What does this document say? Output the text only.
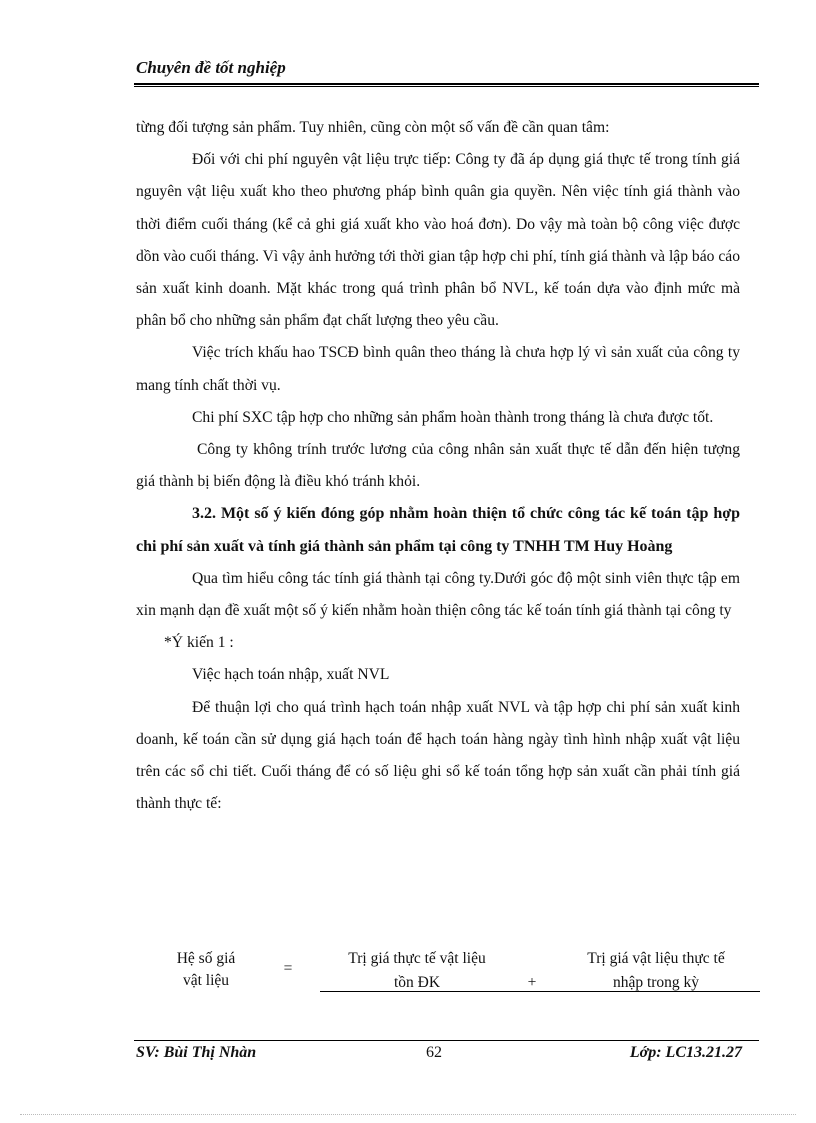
Chuyên đề tốt nghiệp

từng đối tượng sản phẩm. Tuy nhiên, cũng còn một số vấn đề cần quan tâm:

Đối với chi phí nguyên vật liệu trực tiếp: Công ty đã áp dụng giá thực tế trong tính giá nguyên vật liệu xuất kho theo phương pháp bình quân gia quyền. Nên việc tính giá thành vào thời điểm cuối tháng (kể cả ghi giá xuất kho vào hoá đơn). Do vậy mà toàn bộ công việc được dồn vào cuối tháng. Vì vậy ảnh hưởng tới thời gian tập hợp chi phí, tính giá thành và lập báo cáo sản xuất kinh doanh. Mặt khác trong quá trình phân bổ NVL, kế toán dựa vào định mức mà phân bổ cho những sản phẩm đạt chất lượng theo yêu cầu.

Việc trích khấu hao TSCĐ bình quân theo tháng là chưa hợp lý vì sản xuất của công ty mang tính chất thời vụ.

Chi phí SXC tập hợp cho những sản phẩm hoàn thành trong tháng là chưa được tốt.

Công ty không trính trước lương của công nhân sản xuất thực tế dẫn đến hiện tượng giá thành bị biến động là điều khó tránh khỏi.

3.2. Một số ý kiến đóng góp nhằm hoàn thiện tổ chức công tác kế toán tập hợp chi phí sản xuất và tính giá thành sản phẩm tại công ty TNHH TM Huy Hoàng

Qua tìm hiểu công tác tính giá thành tại công ty.Dưới góc độ một sinh viên thực tập em xin mạnh dạn đề xuất một số ý kiến nhằm hoàn thiện công tác kế toán tính giá thành tại công ty

*Ý kiến 1 :

Việc hạch toán nhập, xuất NVL

Để thuận lợi cho quá trình hạch toán nhập xuất NVL và tập hợp chi phí sản xuất kinh doanh, kế toán cần sử dụng giá hạch toán để hạch toán hàng ngày tình hình nhập xuất vật liệu trên các sổ chi tiết. Cuối tháng để có số liệu ghi sổ kế toán tổng hợp sản xuất cần phải tính giá thành thực tế:

Hệ số giá
vật liệu
=
Trị giá thực tế vật liệu
tồn ĐK	+
Trị giá vật liệu thực tế
nhập trong kỳ
SV: Bùi Thị Nhàn	62	Lớp: LC13.21.27
